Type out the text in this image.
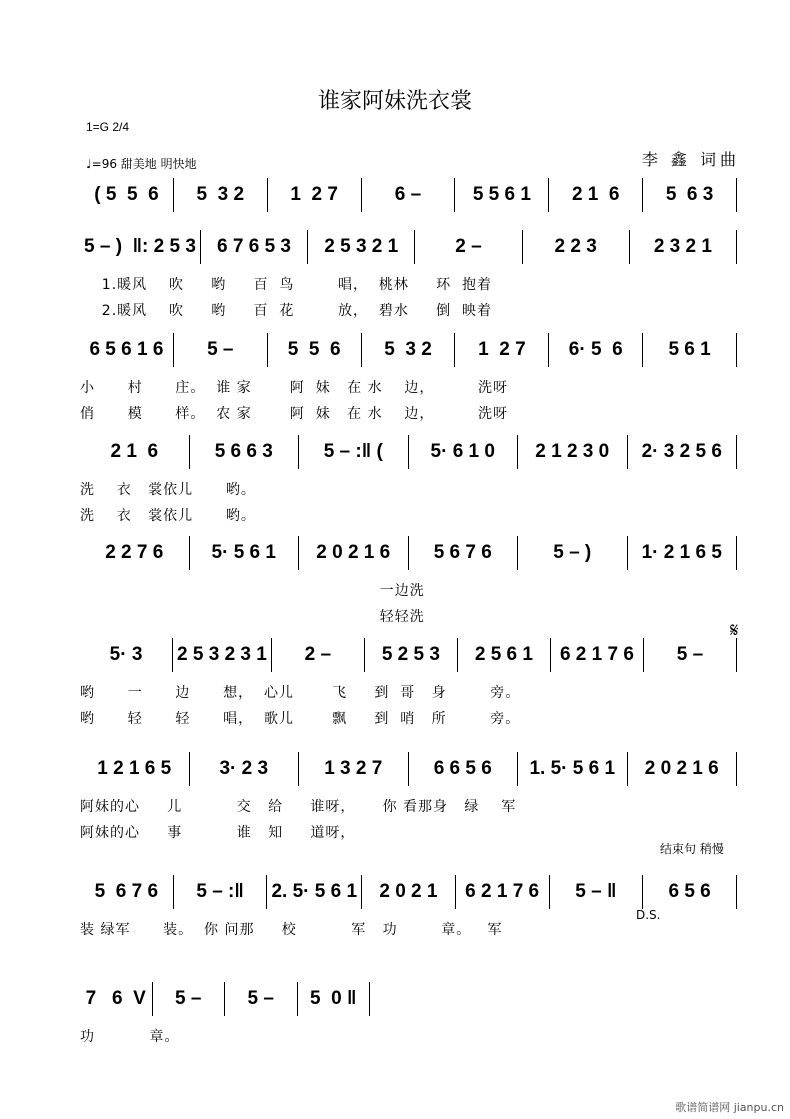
谁家阿妹洗衣裳
1=G 2/4
♩=96 甜美地 明快地	李 鑫 词曲
( 5  5  6	5  3 2	1  2 7	6 –	5 5 6 1	2 1  6	5  6 3
5 – )  ‖: 2 5 3	6 7 6 5 3	2 5 3 2 1	2 –	2 2 3	2 3 2 1
1.暖风    吹     哟     百  鸟        唱，  桃林     环  抱着
2.暖风    吹     哟     百  花        放，  碧水     倒  映着
6 5 6 1 6	5 –	5  5  6	5  3 2	1  2 7	6· 5  6	5 6 1
小      村      庄。  谁 家       阿  妹   在 水    边，        洗呀
俏      模      样。  农 家       阿  妹   在 水    边，        洗呀
2 1  6	5 6 6 3	5 – :‖ (	5· 6 1 0	2 1 2 3 0	2· 3 2 5 6
洗    衣   裳依儿      哟。
洗    衣   裳依儿      哟。
2 2 7 6	5· 5 6 1	2 0 2 1 6	5 6 7 6	5 – )	1· 2 1 6 5
一边洗
轻轻洗
5· 3	2 5 3 2 3 1	2 –	5 2 5 3	2 5 6 1	6 2 1 7 6	5 –
哟      一      边      想，  心儿       飞     到  哥   身        旁。
哟      轻      轻      唱，  歌儿       飘     到  哨   所        旁。
1 2 1 6 5	3· 2 3	1 3 2 7	6 6 5 6	1. 5· 5 6 1	2 0 2 1 6
阿妹的心     儿          交   给     谁呀，     你 看那身   绿    军
阿妹的心     事          谁   知     道呀，
5  6 7 6	5 – :‖	2. 5· 5 6 1	2 0 2 1	6 2 1 7 6	5 – ‖	6 5 6
装 绿军      装。  你 问那     校          军   功        章。   军
7   6  V	5 –	5 –	5  0 ‖
功          章。
结束句 稍慢
D.S.
𝄋
歌谱简谱网 jianpu.cn
